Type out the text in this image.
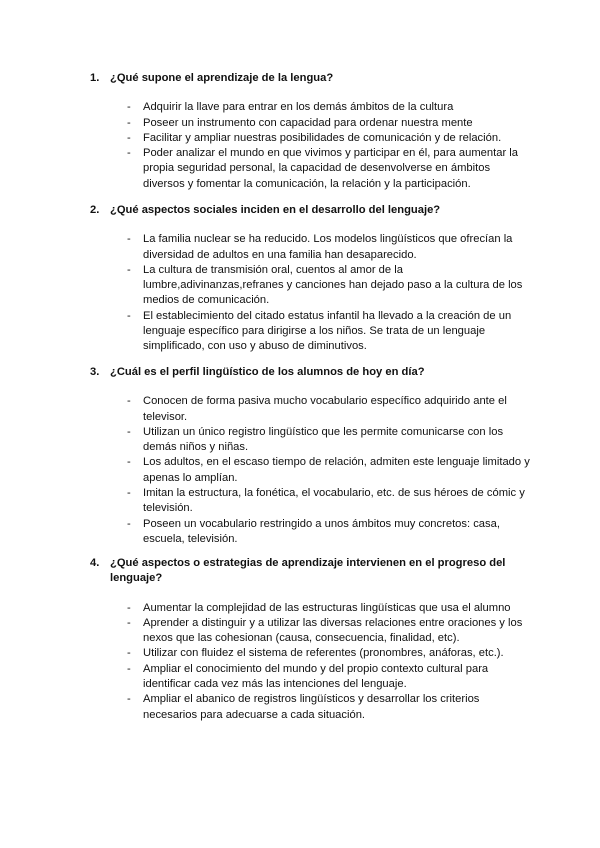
1. ¿Qué supone el aprendizaje de la lengua?
- Adquirir la llave para entrar en los demás ámbitos de la cultura
- Poseer un instrumento con capacidad para ordenar nuestra mente
- Facilitar y ampliar nuestras posibilidades de comunicación y de relación.
- Poder analizar el mundo en que vivimos y participar en él, para aumentar la propia seguridad personal, la capacidad de desenvolverse en ámbitos diversos y fomentar la comunicación, la relación y la participación.
2. ¿Qué aspectos sociales inciden en el desarrollo del lenguaje?
- La familia nuclear se ha reducido. Los modelos lingüísticos que ofrecían la diversidad de adultos en una familia han desaparecido.
- La cultura de transmisión oral, cuentos al amor de la lumbre,adivinanzas,refranes y canciones han dejado paso a la cultura de los medios de comunicación.
- El establecimiento del citado estatus infantil ha llevado a la creación de un lenguaje específico para dirigirse a los niños. Se trata de un lenguaje simplificado, con uso y abuso de diminutivos.
3. ¿Cuál es el perfil lingüístico de los alumnos de hoy en día?
- Conocen de forma pasiva mucho vocabulario específico adquirido ante el televisor.
- Utilizan un único registro lingüístico que les permite comunicarse con los demás niños y niñas.
- Los adultos, en el escaso tiempo de relación, admiten este lenguaje limitado y apenas lo amplían.
- Imitan la estructura, la fonética, el vocabulario, etc. de sus héroes de cómic y televisión.
- Poseen un vocabulario restringido a unos ámbitos muy concretos: casa, escuela, televisión.
4. ¿Qué aspectos o estrategias de aprendizaje intervienen en el progreso del lenguaje?
- Aumentar la complejidad de las estructuras lingüísticas que usa el alumno
- Aprender a distinguir y a utilizar las diversas relaciones entre oraciones y los nexos que las cohesionan (causa, consecuencia, finalidad, etc).
- Utilizar con fluidez el sistema de referentes (pronombres, anáforas, etc.).
- Ampliar el conocimiento del mundo y del propio contexto cultural para identificar cada vez más las intenciones del lenguaje.
- Ampliar el abanico de registros lingüísticos y desarrollar los criterios necesarios para adecuarse a cada situación.
